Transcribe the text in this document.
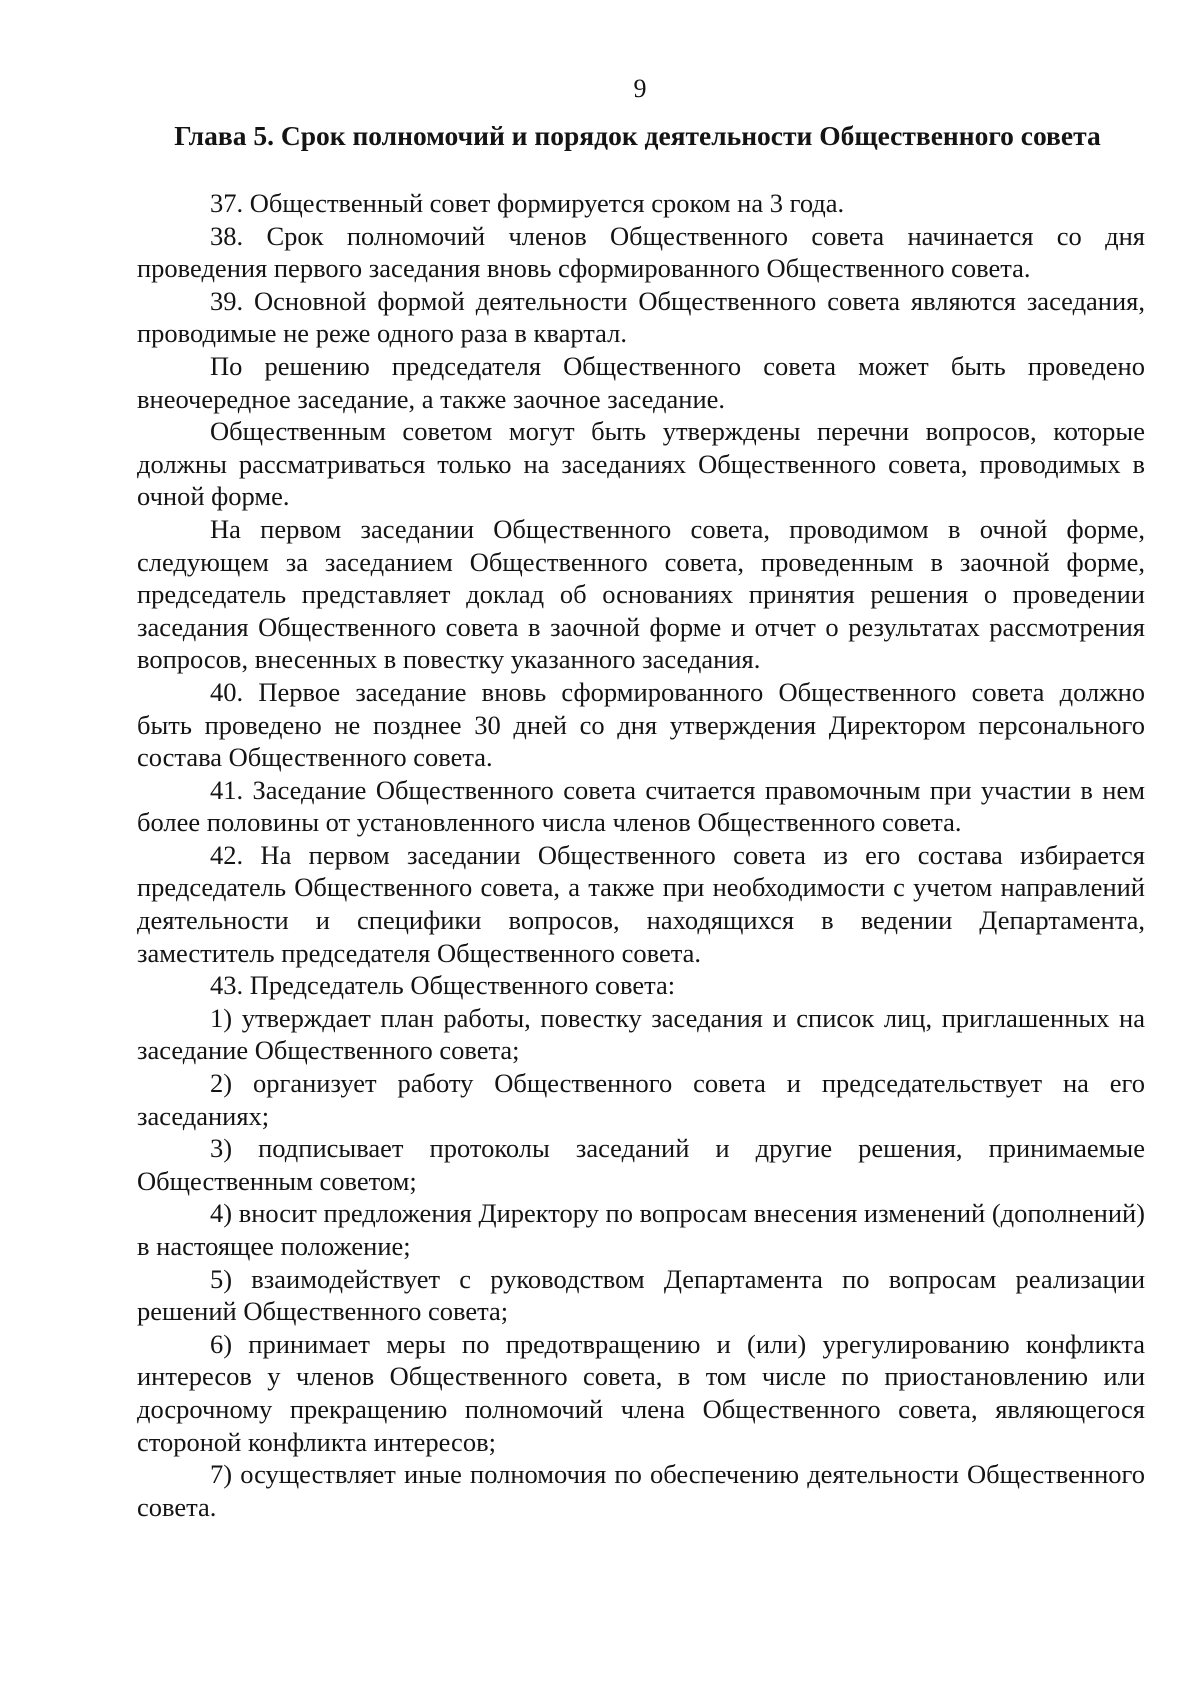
9
Глава 5. Срок полномочий и порядок деятельности Общественного совета

37. Общественный совет формируется сроком на 3 года.

38. Срок полномочий членов Общественного совета начинается со дня проведения первого заседания вновь сформированного Общественного совета.

39. Основной формой деятельности Общественного совета являются заседания, проводимые не реже одного раза в квартал.

По решению председателя Общественного совета может быть проведено внеочередное заседание, а также заочное заседание.

Общественным советом могут быть утверждены перечни вопросов, которые должны рассматриваться только на заседаниях Общественного совета, проводимых в очной форме.

На первом заседании Общественного совета, проводимом в очной форме, следующем за заседанием Общественного совета, проведенным в заочной форме, председатель представляет доклад об основаниях принятия решения о проведении заседания Общественного совета в заочной форме и отчет о результатах рассмотрения вопросов, внесенных в повестку указанного заседания.

40. Первое заседание вновь сформированного Общественного совета должно быть проведено не позднее 30 дней со дня утверждения Директором персонального состава Общественного совета.

41. Заседание Общественного совета считается правомочным при участии в нем более половины от установленного числа членов Общественного совета.

42. На первом заседании Общественного совета из его состава избирается председатель Общественного совета, а также при необходимости с учетом направлений деятельности и специфики вопросов, находящихся в ведении Департамента, заместитель председателя Общественного совета.

43. Председатель Общественного совета:

1) утверждает план работы, повестку заседания и список лиц, приглашенных на заседание Общественного совета;

2) организует работу Общественного совета и председательствует на его заседаниях;

3) подписывает протоколы заседаний и другие решения, принимаемые Общественным советом;

4) вносит предложения Директору по вопросам внесения изменений (дополнений) в настоящее положение;

5) взаимодействует с руководством Департамента по вопросам реализации решений Общественного совета;

6) принимает меры по предотвращению и (или) урегулированию конфликта интересов у членов Общественного совета, в том числе по приостановлению или досрочному прекращению полномочий члена Общественного совета, являющегося стороной конфликта интересов;

7) осуществляет иные полномочия по обеспечению деятельности Общественного совета.
